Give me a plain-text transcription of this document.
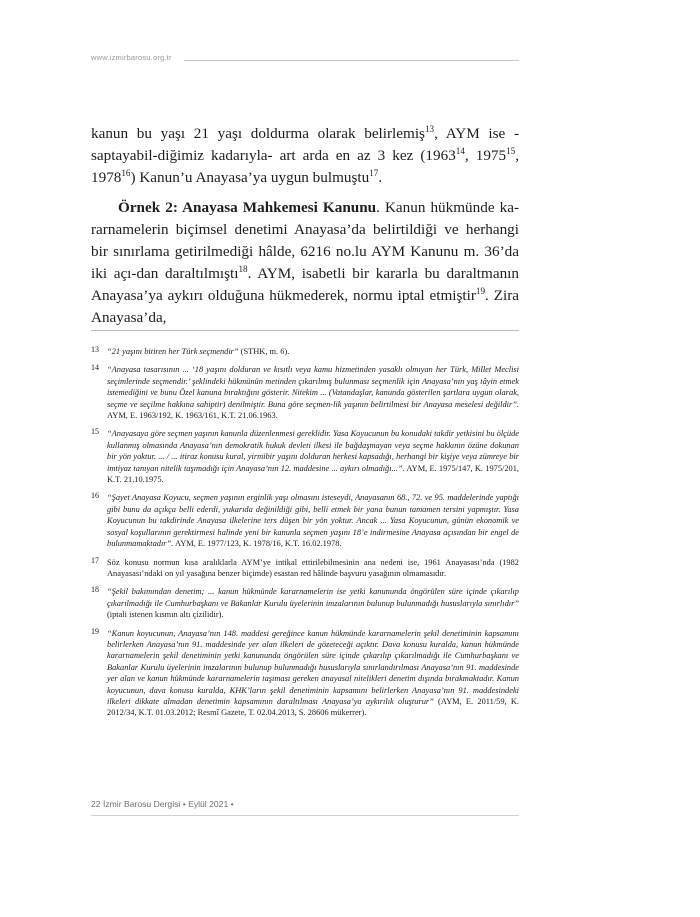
www.izmirbarosu.org.tr

kanun bu yaşı 21 yaşı doldurma olarak belirlemiş$^{13}$, AYM ise -saptayabil-diğimiz kadarıyla- art arda en az 3 kez (1963$^{14}$, 1975$^{15}$, 1978$^{16}$) Kanun’u Anayasa’ya uygun bulmuştu$^{17}$.

Örnek 2: Anayasa Mahkemesi Kanunu. Kanun hükmünde ka-rarnamelerin biçimsel denetimi Anayasa’da belirtildiği ve herhangi bir sınırlama getirilmediği hâlde, 6216 no.lu AYM Kanunu m. 36’da iki açı-dan daraltılmıştı$^{18}$. AYM, isabetli bir kararla bu daraltmanın Anayasa’ya aykırı olduğuna hükmederek, normu iptal etmiştir$^{19}$. Zira Anayasa’da,

13 “21 yaşını bitiren her Türk seçmendir” (STHK, m. 6).
14 “Anayasa tasarısının ... ‘18 yaşını dolduran ve kısıtlı veya kamu hizmetinden yasaklı olmıyan her Türk, Millet Meclisi seçimlerinde seçmendir.’ şeklindeki hükmünün metinden çıkarılmış bulunması seçmenlik için Anayasa’nın yaş tâyin etmek istemediğini ve bunu Özel kanuna bıraktığını gösterir. Nitekim ... (Vatandaşlar, kanunda gösterilen şartlara uygun olarak, seçme ve seçilme hakkına sahiptir) denilmiştir. Buna göre seçmen-lik yaşının belirtilmesi bir Anayasa meselesi değildir”. AYM, E. 1963/192, K. 1963/161, K.T. 21.06.1963.
15 “Anayasaya göre seçmen yaşının kanunla düzenlenmesi gereklidir. Yasa Koyucunun bu konudaki takdir yetkisini bu ölçüde kullanmış olmasında Anayasa’nın demokratik hukuk devleti ilkesi ile bağdaşmayan veya seçme hakkının özüne dokunan bir yön yoktur. ... / ... itiraz konusu kural, yirmibir yaşını dolduran herkesi kapsadığı, herhangi bir kişiye veya zümreye bir imtiyaz tanıyan nitelik taşımadığı için Anayasa’nın 12. maddesine ... aykırı olmadığı...”. AYM, E. 1975/147, K. 1975/201, K.T. 21.10.1975.
16 “Şayet Anayasa Koyucu, seçmen yaşının erginlik yaşı olmasını isteseydi, Anayasanın 68., 72. ve 95. maddelerinde yaptığı gibi bunu da açıkça belli ederdi, yukarıda değinildiği gibi, belli etmek bir yana bunun tamamen tersini yapmıştır. Yasa Koyucunun bu takdirinde Anayasa ilkelerine ters düşen bir yön yoktur. Ancak ... Yasa Koyucunun, günün ekonomik ve sosyal koşullarının gerektirmesi halinde yeni bir kanunla seçmen yaşını 18’e indirmesine Anayasa açısından bir engel de bulunmamaktadır”. AYM, E. 1977/123, K. 1978/16, K.T. 16.02.1978.
17 Söz konusu normun kısa aralıklarla AYM’ye intikal ettirilebilmesinin ana nedeni ise, 1961 Anayasası’nda (1982 Anayasası’ndaki on yıl yasağına benzer biçimde) esastan red hâlinde başvuru yasağının olmamasıdır.
18 “Şekil bakımından denetim; ... kanun hükmünde kararnamelerin ise yetki kanununda öngörülen süre içinde çıkarılıp çıkarılmadığı ile Cumhurbaşkanı ve Bakanlar Kurulu üyelerinin imzalarının bulunup bulunmadığı hususlarıyla sınırlıdır” (iptali istenen kısmın altı çizilidir).
19 “Kanun koyucunun, Anayasa’nın 148. maddesi gereğince kanun hükmünde kararnamelerin şekil denetiminin kapsamını belirlerken Anayasa’nın 91. maddesinde yer alan ilkeleri de gözeteceği açıktır. Dava konusu kuralda, kanun hükmünde kararnamelerin şekil denetiminin yetki kanununda öngörülen süre içinde çıkarılıp çıkarılmadığı ile Cumhurbaşkanı ve Bakanlar Kurulu üyelerinin imzalarının bulunup bulunmadığı hususlarıyla sınırlandırılması Anayasa’nın 91. maddesinde yer alan ve kanun hükmünde kararnamelerin taşıması gereken anayasal nitelikleri denetim dışında bırakmaktadır. Kanun koyucunun, dava konusu kuralda, KHK’ların şekil denetiminin kapsamını belirlerken Anayasa’nın 91. maddesindeki ilkeleri dikkate almadan denetimin kapsamının daraltılması Anayasa’ya aykırılık oluşturur” (AYM, E. 2011/59, K. 2012/34, K.T. 01.03.2012; Resmî Gazete, T. 02.04.2013, S. 28606 mükerrer).
22 İzmir Barosu Dergisi • Eylül 2021 •
